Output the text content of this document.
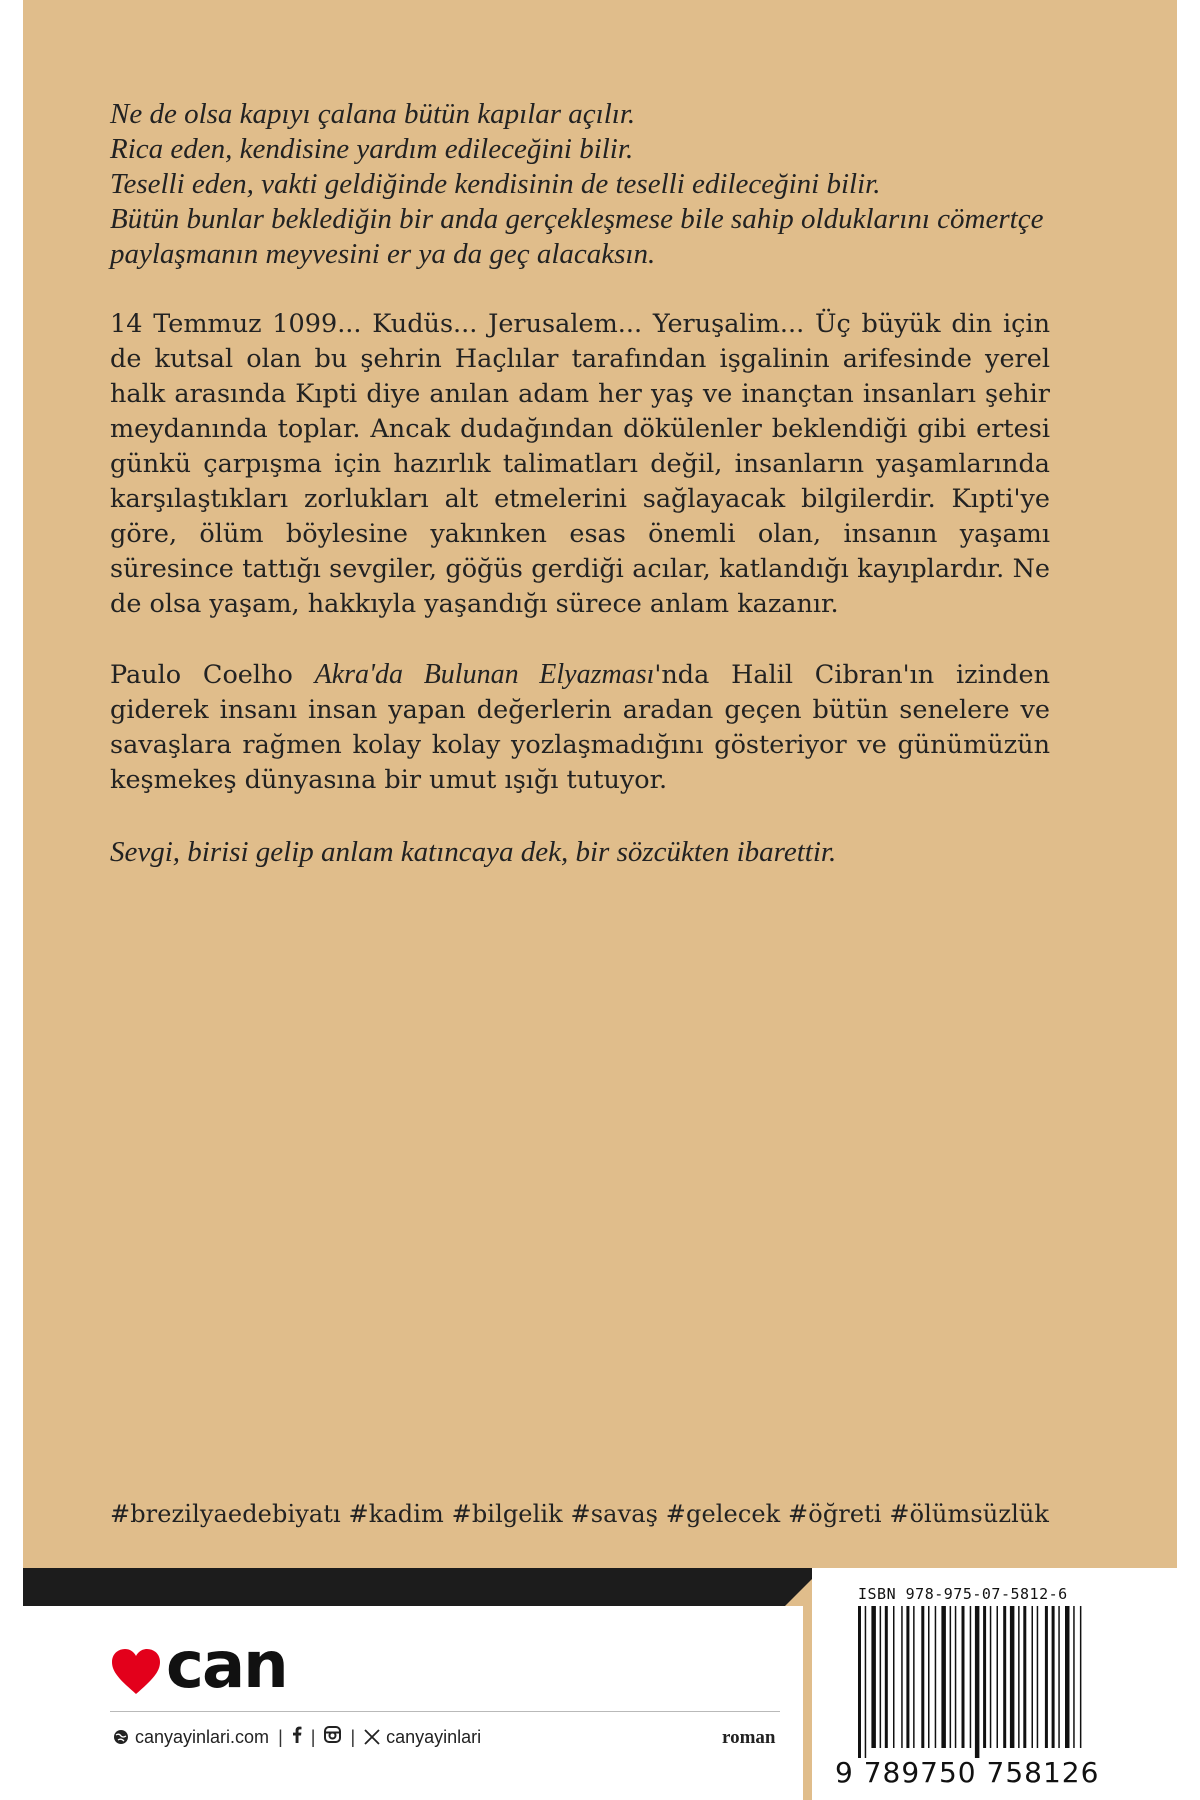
Ne de olsa kapıyı çalana bütün kapılar açılır.

Rica eden, kendisine yardım edileceğini bilir.

Teselli eden, vakti geldiğinde kendisinin de teselli edileceğini bilir.

Bütün bunlar beklediğin bir anda gerçekleşmese bile sahip olduklarını cömertçe

paylaşmanın meyvesini er ya da geç alacaksın.

14 Temmuz 1099... Kudüs... Jerusalem... Yeruşalim... Üç büyük din için de kutsal olan bu şehrin Haçlılar tarafından işgalinin arifesinde yerel halk arasında Kıpti diye anılan adam her yaş ve inançtan insanları şehir meydanında toplar. Ancak dudağından dökülenler beklendiği gibi ertesi günkü çarpışma için hazırlık talimatları değil, insanların yaşamlarında karşılaştıkları zorlukları alt etmelerini sağlayacak bilgilerdir. Kıpti'ye göre, ölüm böylesine yakınken esas önemli olan, insanın yaşamı süresince tattığı sevgiler, göğüs gerdiği acılar, katlandığı kayıplardır. Ne de olsa yaşam, hakkıyla yaşandığı sürece anlam kazanır.

Paulo Coelho Akra'da Bulunan Elyazması'nda Halil Cibran'ın izinden giderek insanı insan yapan değerlerin aradan geçen bütün senelere ve savaşlara rağmen kolay kolay yozlaşmadığını gösteriyor ve günümüzün keşmekeş dünyasına bir umut ışığı tutuyor.

Sevgi, birisi gelip anlam katıncaya dek, bir sözcükten ibarettir.

#brezilyaedebiyatı #kadim #bilgelik #savaş #gelecek #öğreti #ölümsüzlük
can
canyayinlari.com | | | canyayinlari	roman
ISBN 978-975-07-5812-6
9 789750 758126
